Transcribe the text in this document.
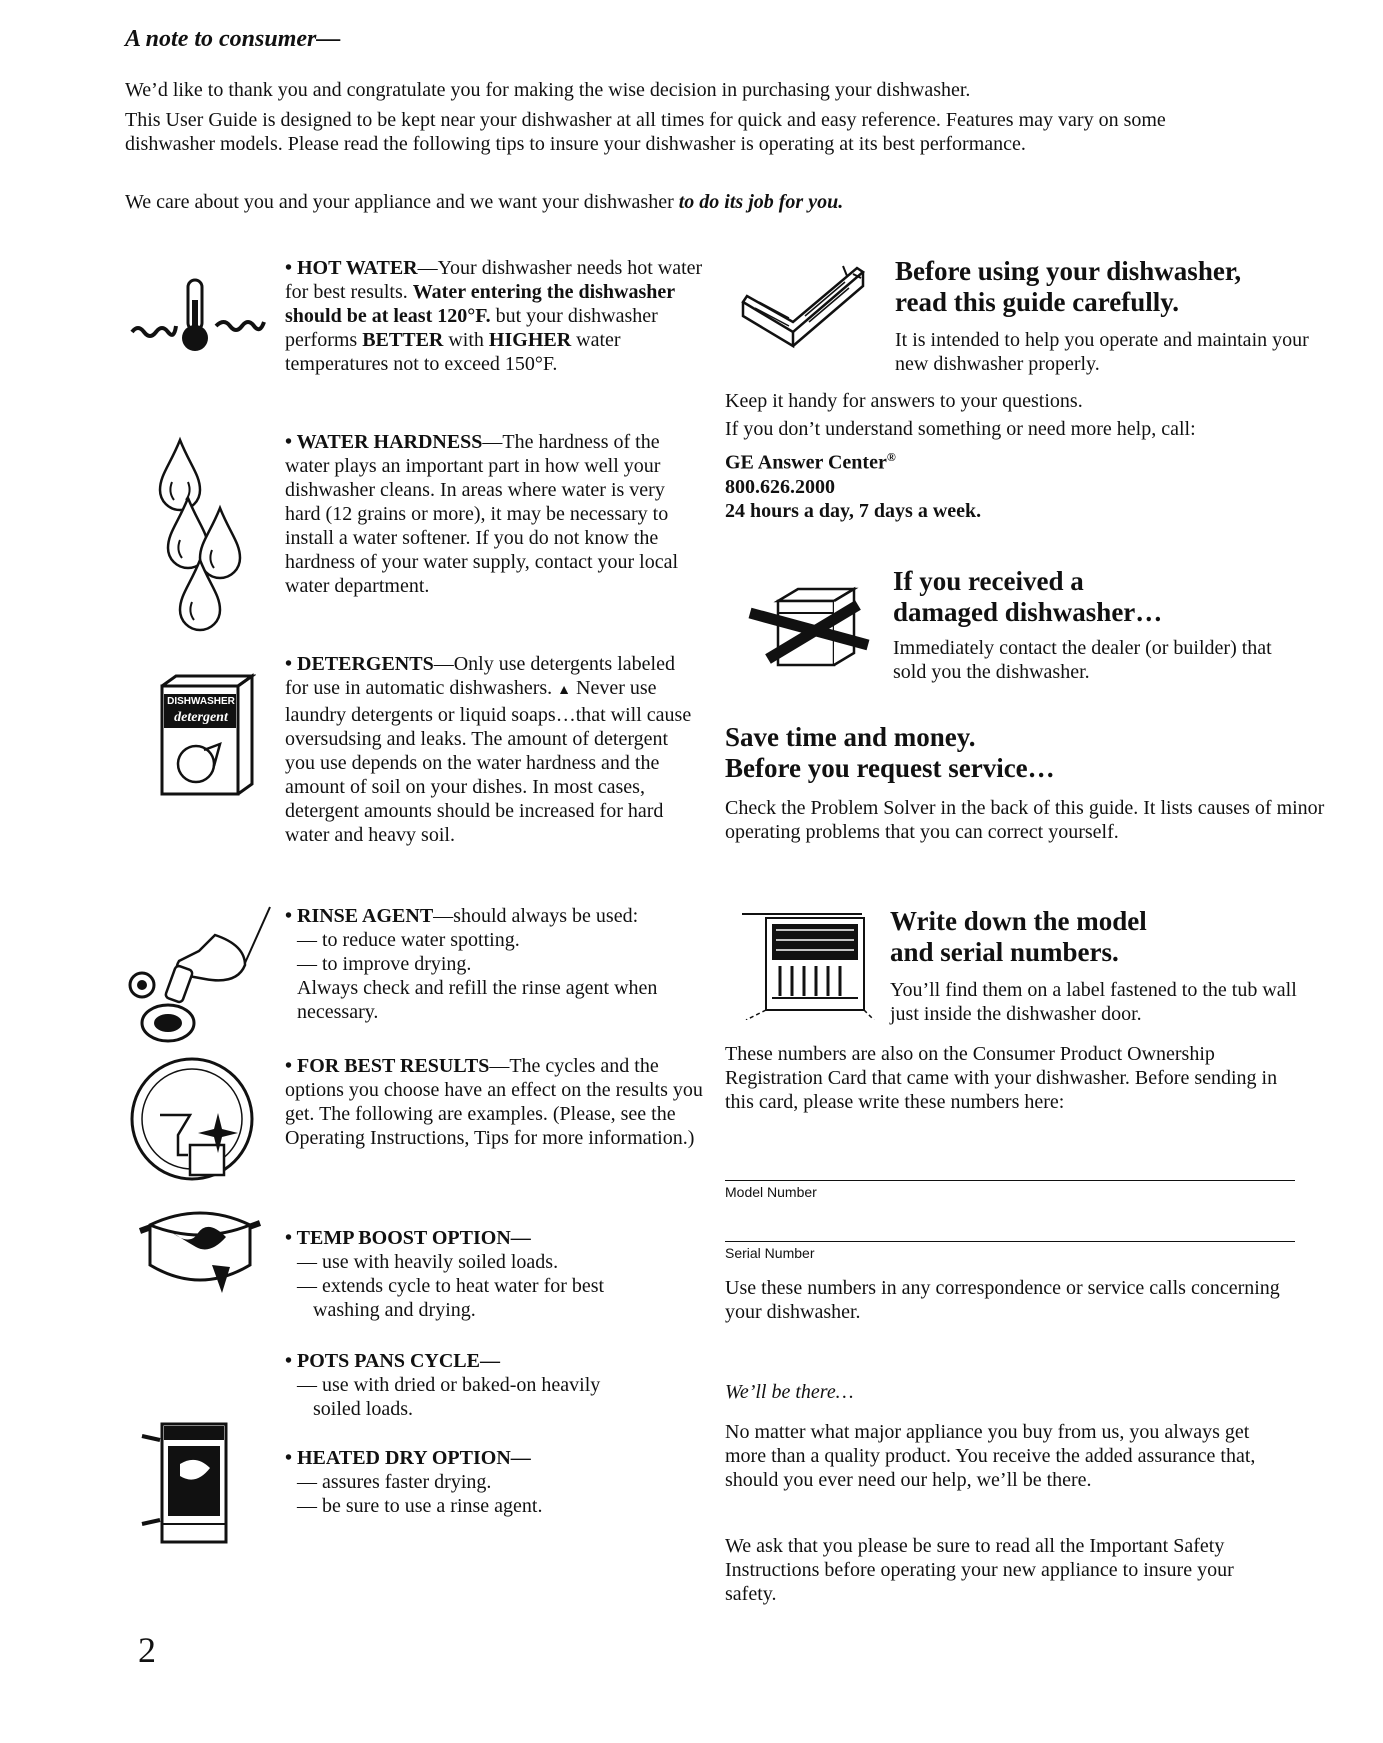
A note to consumer—
We’d like to thank you and congratulate you for making the wise decision in purchasing your dishwasher.
This User Guide is designed to be kept near your dishwasher at all times for quick and easy reference. Features may vary on some dishwasher models. Please read the following tips to insure your dishwasher is operating at its best performance.
We care about you and your appliance and we want your dishwasher to do its job for you.
DISHWASHER
detergent

• HOT WATER—Your dishwasher needs hot water for best results. Water entering the dishwasher should be at least 120°F. but your dishwasher performs BETTER with HIGHER water temperatures not to exceed 150°F.

• WATER HARDNESS—The hardness of the water plays an important part in how well your dishwasher cleans. In areas where water is very hard (12 grains or more), it may be necessary to install a water softener. If you do not know the hardness of your water supply, contact your local water department.

• DETERGENTS—Only use detergents labeled for use in automatic dishwashers. ▲ Never use laundry detergents or liquid soaps…that will cause oversudsing and leaks. The amount of detergent you use depends on the water hardness and the amount of soil on your dishes. In most cases, detergent amounts should be increased for hard water and heavy soil.

• RINSE AGENT—should always be used:

— to reduce water spotting.

— to improve drying.

Always check and refill the rinse agent when necessary.

• FOR BEST RESULTS—The cycles and the options you choose have an effect on the results you get. The following are examples. (Please, see the Operating Instructions, Tips for more information.)

• TEMP BOOST OPTION—

— use with heavily soiled loads.

— extends cycle to heat water for best

washing and drying.

• POTS PANS CYCLE—

— use with dried or baked-on heavily

soiled loads.

• HEATED DRY OPTION—

— assures faster drying.

— be sure to use a rinse agent.

Before using your dishwasher,

read this guide carefully.

It is intended to help you operate and maintain your new dishwasher properly.

Keep it handy for answers to your questions.

If you don’t understand something or need more help, call:

GE Answer Center®

800.626.2000

24 hours a day, 7 days a week.

If you received a

damaged dishwasher…

Immediately contact the dealer (or builder) that sold you the dishwasher.

Save time and money.

Before you request service…

Check the Problem Solver in the back of this guide. It lists causes of minor operating problems that you can correct yourself.

Write down the model

and serial numbers.

You’ll find them on a label fastened to the tub wall just inside the dishwasher door.

These numbers are also on the Consumer Product Ownership Registration Card that came with your dishwasher. Before sending in this card, please write these numbers here:
Model Number
Serial Number
Use these numbers in any correspondence or service calls concerning your dishwasher.
We’ll be there…
No matter what major appliance you buy from us, you always get more than a quality product. You receive the added assurance that, should you ever need our help, we’ll be there.
We ask that you please be sure to read all the Important Safety Instructions before operating your new appliance to insure your safety.
2
